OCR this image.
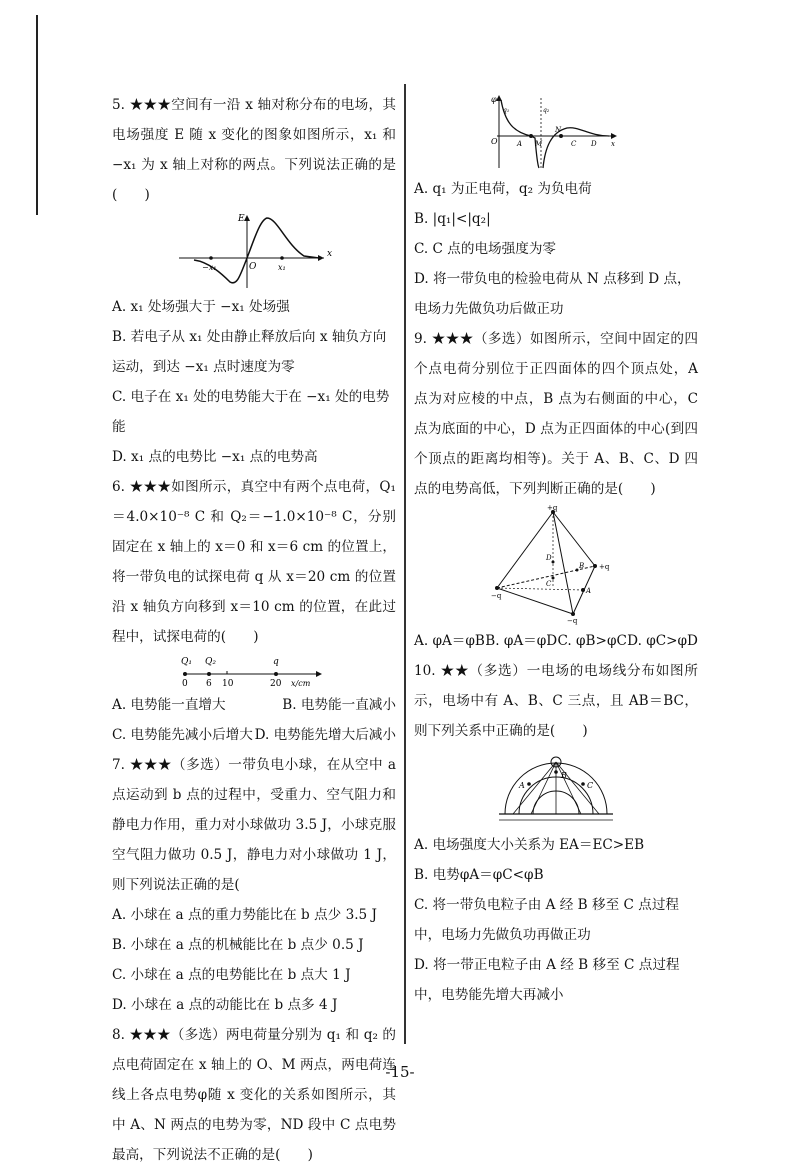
5. ★★★空间有一沿 x 轴对称分布的电场，其电场强度 E 随 x 变化的图象如图所示，x₁ 和 −x₁ 为 x 轴上对称的两点。下列说法正确的是(　　)

E
x
O
−x₁	x₁

A. x₁ 处场强大于 −x₁ 处场强

B. 若电子从 x₁ 处由静止释放后向 x 轴负方向运动，到达 −x₁ 点时速度为零

C. 电子在 x₁ 处的电势能大于在 −x₁ 处的电势能

D. x₁ 点的电势比 −x₁ 点的电势高

6. ★★★如图所示，真空中有两个点电荷，Q₁＝4.0×10⁻⁸ C 和 Q₂＝−1.0×10⁻⁸ C，分别固定在 x 轴上的 x＝0 和 x＝6 cm 的位置上，将一带负电的试探电荷 q 从 x＝20 cm 的位置沿 x 轴负方向移到 x＝10 cm 的位置，在此过程中，试探电荷的(　　)

Q₁ Q₂	q
0 6 10	20 x/cm
A. 电势能一直增大	B. 电势能一直减小
C. 电势能先减小后增大 D. 电势能先增大后减小

7. ★★★（多选）一带负电小球，在从空中 a 点运动到 b 点的过程中，受重力、空气阻力和静电力作用，重力对小球做功 3.5 J，小球克服空气阻力做功 0.5 J，静电力对小球做功 1 J，则下列说法正确的是(

A. 小球在 a 点的重力势能比在 b 点少 3.5 J

B. 小球在 a 点的机械能比在 b 点少 0.5 J

C. 小球在 a 点的电势能比在 b 点大 1 J

D. 小球在 a 点的动能比在 b 点多 4 J

8. ★★★（多选）两电荷量分别为 q₁ 和 q₂ 的点电荷固定在 x 轴上的 O、M 两点，两电荷连线上各点电势φ随 x 变化的关系如图所示，其中 A、N 两点的电势为零，ND 段中 C 点电势最高，下列说法不正确的是(　　)

φ
O	A M
N
C D x
q₁	q₂

A. q₁ 为正电荷，q₂ 为负电荷

B. |q₁|<|q₂|

C. C 点的电场强度为零

D. 将一带负电的检验电荷从 N 点移到 D 点，电场力先做负功后做正功

9. ★★★（多选）如图所示，空间中固定的四个点电荷分别位于正四面体的四个顶点处，A 点为对应棱的中点，B 点为右侧面的中心，C 点为底面的中心，D 点为正四面体的中心(到四个顶点的距离均相等)。关于 A、B、C、D 四点的电势高低，下列判断正确的是(　　)

+q
+q
−q
−q
A
B
C
D
A. φA＝φB B. φA＝φD C. φB>φC D. φC>φD

10. ★★（多选）一电场的电场线分布如图所示，电场中有 A、B、C 三点，且 AB＝BC，则下列关系中正确的是(　　)

A
B
C

A. 电场强度大小关系为 EA＝EC>EB

B. 电势φA＝φC<φB

C. 将一带负电粒子由 A 经 B 移至 C 点过程中，电场力先做负功再做正功

D. 将一带正电粒子由 A 经 B 移至 C 点过程中，电势能先增大再减小

-15-
